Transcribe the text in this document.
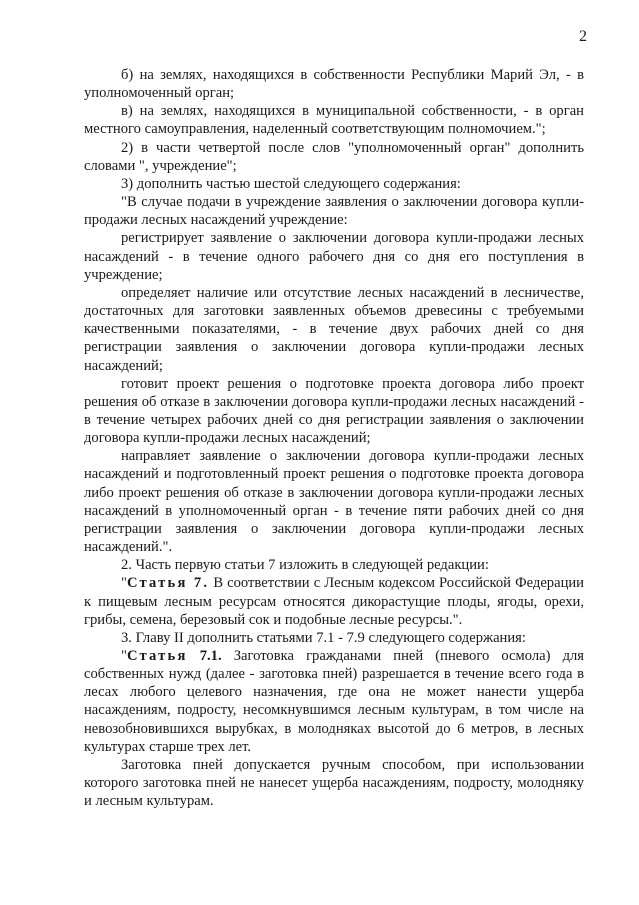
2

б) на землях, находящихся в собственности Республики Марий Эл, - в уполномоченный орган;

в) на землях, находящихся в муниципальной собственности, - в орган местного самоуправления, наделенный соответствующим полномочием.";

2) в части четвертой после слов "уполномоченный орган" дополнить словами ", учреждение";

3) дополнить частью шестой следующего содержания:

"В случае подачи в учреждение заявления о заключении договора купли-продажи лесных насаждений учреждение:

регистрирует заявление о заключении договора купли-продажи лесных насаждений - в течение одного рабочего дня со дня его поступления в учреждение;

определяет наличие или отсутствие лесных насаждений в лесничестве, достаточных для заготовки заявленных объемов древесины с требуемыми качественными показателями, - в течение двух рабочих дней со дня регистрации заявления о заключении договора купли-продажи лесных насаждений;

готовит проект решения о подготовке проекта договора либо проект решения об отказе в заключении договора купли-продажи лесных насаждений - в течение четырех рабочих дней со дня регистрации заявления о заключении договора купли-продажи лесных насаждений;

направляет заявление о заключении договора купли-продажи лесных насаждений и подготовленный проект решения о подготовке проекта договора либо проект решения об отказе в заключении договора купли-продажи лесных насаждений в уполномоченный орган - в течение пяти рабочих дней со дня регистрации заявления о заключении договора купли-продажи лесных насаждений.".

2. Часть первую статьи 7 изложить в следующей редакции:

"Статья 7. В соответствии с Лесным кодексом Российской Федерации к пищевым лесным ресурсам относятся дикорастущие плоды, ягоды, орехи, грибы, семена, березовый сок и подобные лесные ресурсы.".

3. Главу II дополнить статьями 7.1 - 7.9 следующего содержания:

"Статья 7.1. Заготовка гражданами пней (пневого осмола) для собственных нужд (далее - заготовка пней) разрешается в течение всего года в лесах любого целевого назначения, где она не может нанести ущерба насаждениям, подросту, несомкнувшимся лесным культурам, в том числе на невозобновившихся вырубках, в молодняках высотой до 6 метров, в лесных культурах старше трех лет.

Заготовка пней допускается ручным способом, при использовании которого заготовка пней не нанесет ущерба насаждениям, подросту, молодняку и лесным культурам.
